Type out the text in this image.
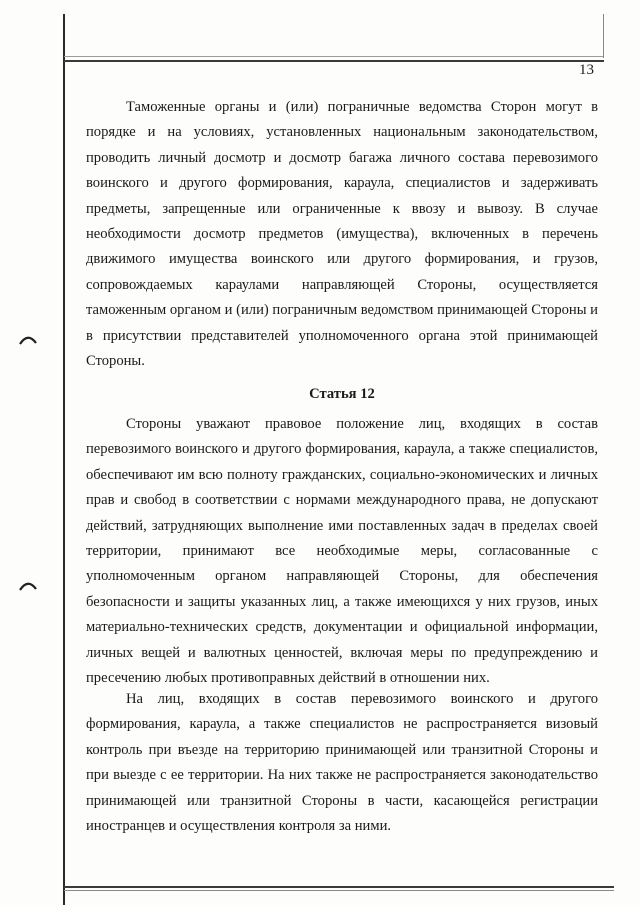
13

Таможенные органы и (или) пограничные ведомства Сторон могут в порядке и на условиях, установленных национальным законодательством, проводить личный досмотр и досмотр багажа личного состава перевозимого воинского и другого формирования, караула, специалистов и задерживать предметы, запрещенные или ограниченные к ввозу и вывозу. В случае необходимости досмотр предметов (имущества), включенных в перечень движимого имущества воинского или другого формирования, и грузов, сопровождаемых караулами направляющей Стороны, осуществляется таможенным органом и (или) пограничным ведомством принимающей Стороны и в присутствии представителей уполномоченного органа этой принимающей Стороны.

Статья 12

Стороны уважают правовое положение лиц, входящих в состав перевозимого воинского и другого формирования, караула, а также специалистов, обеспечивают им всю полноту гражданских, социально-экономических и личных прав и свобод в соответствии с нормами международного права, не допускают действий, затрудняющих выполнение ими поставленных задач в пределах своей территории, принимают все необходимые меры, согласованные с уполномоченным органом направляющей Стороны, для обеспечения безопасности и защиты указанных лиц, а также имеющихся у них грузов, иных материально-технических средств, документации и официальной информации, личных вещей и валютных ценностей, включая меры по предупреждению и пресечению любых противоправных действий в отношении них.

На лиц, входящих в состав перевозимого воинского и другого формирования, караула, а также специалистов не распространяется визовый контроль при въезде на территорию принимающей или транзитной Стороны и при выезде с ее территории. На них также не распространяется законодательство принимающей или транзитной Стороны в части, касающейся регистрации иностранцев и осуществления контроля за ними.
